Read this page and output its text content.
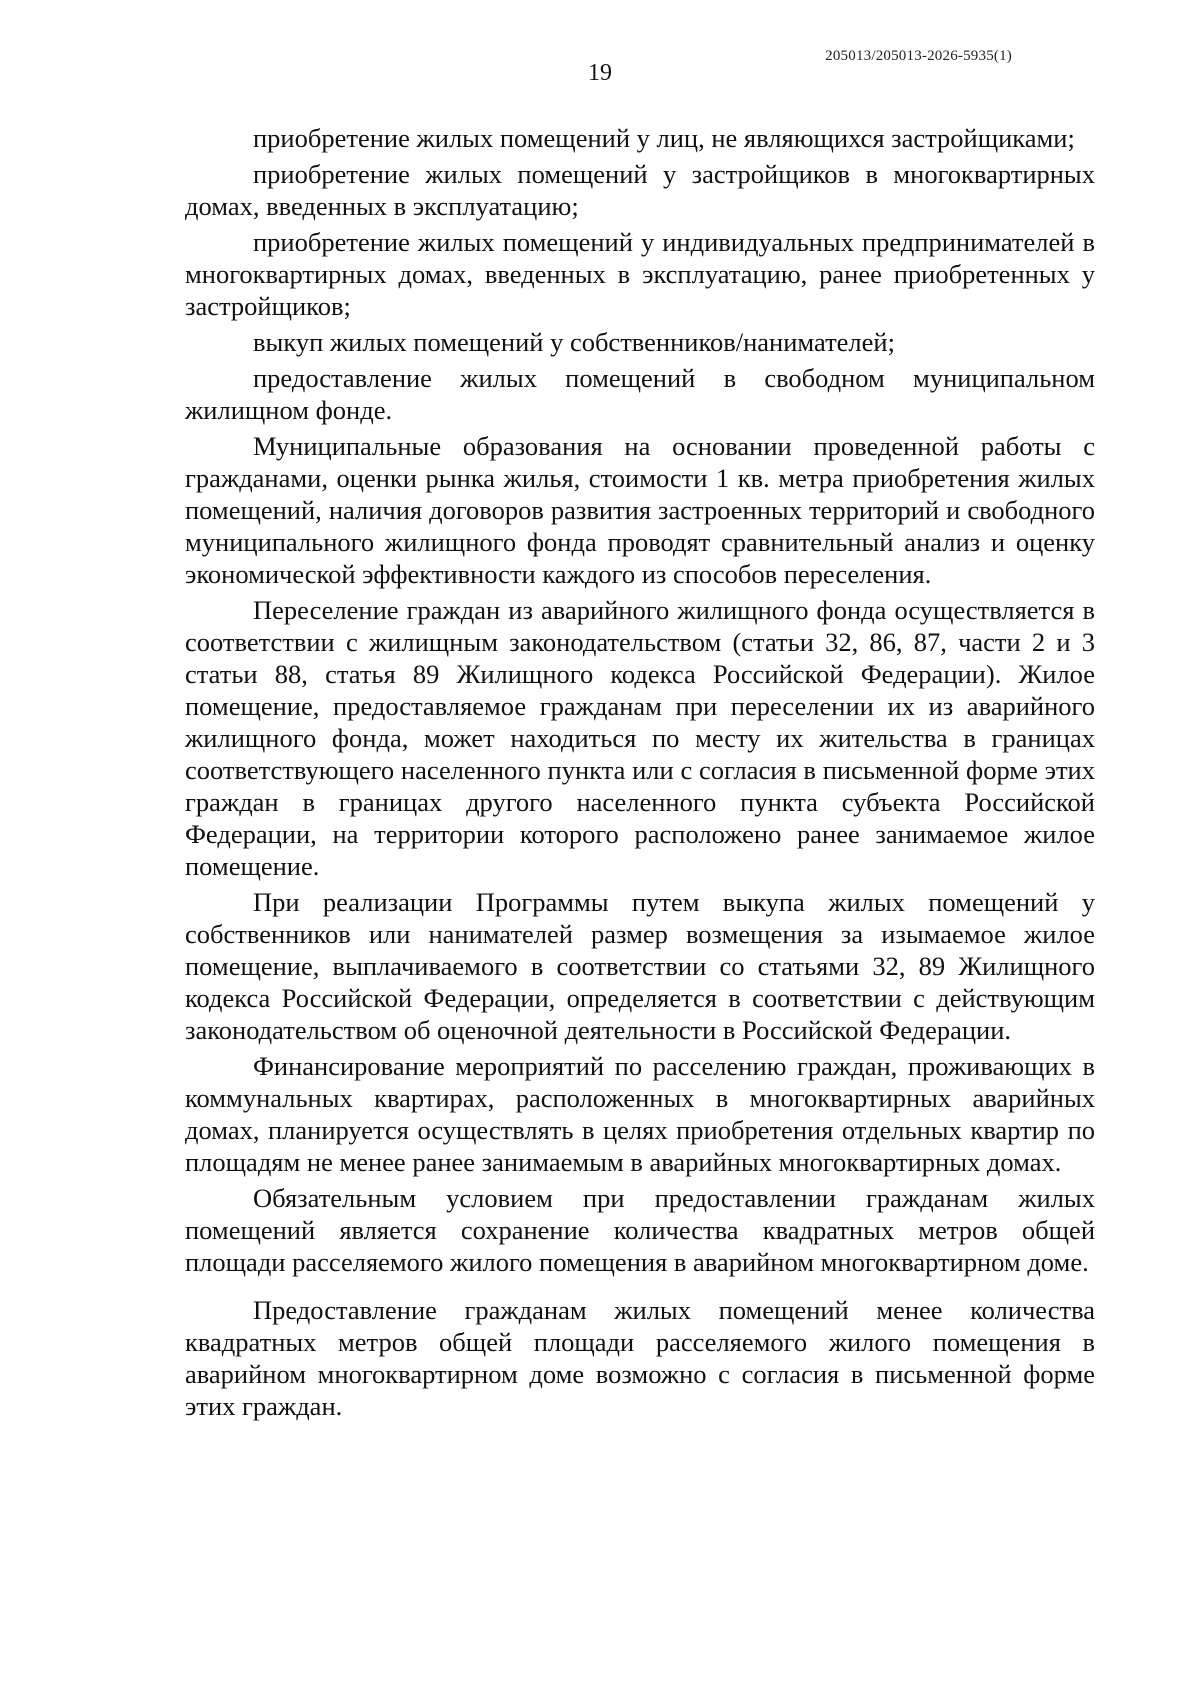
205013/205013-2026-5935(1)
19

приобретение жилых помещений у лиц, не являющихся застройщиками;

приобретение жилых помещений у застройщиков в многоквартирных домах, введенных в эксплуатацию;

приобретение жилых помещений у индивидуальных предпринимателей в многоквартирных домах, введенных в эксплуатацию, ранее приобретенных у застройщиков;

выкуп жилых помещений у собственников/нанимателей;

предоставление жилых помещений в свободном муниципальном жилищном фонде.

Муниципальные образования на основании проведенной работы с гражданами, оценки рынка жилья, стоимости 1 кв. метра приобретения жилых помещений, наличия договоров развития застроенных территорий и свободного муниципального жилищного фонда проводят сравнительный анализ и оценку экономической эффективности каждого из способов переселения.

Переселение граждан из аварийного жилищного фонда осуществляется в соответствии с жилищным законодательством (статьи 32, 86, 87, части 2 и 3 статьи 88, статья 89 Жилищного кодекса Российской Федерации). Жилое помещение, предоставляемое гражданам при переселении их из аварийного жилищного фонда, может находиться по месту их жительства в границах соответствующего населенного пункта или с согласия в письменной форме этих граждан в границах другого населенного пункта субъекта Российской Федерации, на территории которого расположено ранее занимаемое жилое помещение.

При реализации Программы путем выкупа жилых помещений у собственников или нанимателей размер возмещения за изымаемое жилое помещение, выплачиваемого в соответствии со статьями 32, 89 Жилищного кодекса Российской Федерации, определяется в соответствии с действующим законодательством об оценочной деятельности в Российской Федерации.

Финансирование мероприятий по расселению граждан, проживающих в коммунальных квартирах, расположенных в многоквартирных аварийных домах, планируется осуществлять в целях приобретения отдельных квартир по площадям не менее ранее занимаемым в аварийных многоквартирных домах.

Обязательным условием при предоставлении гражданам жилых помещений является сохранение количества квадратных метров общей площади расселяемого жилого помещения в аварийном многоквартирном доме.

Предоставление гражданам жилых помещений менее количества квадратных метров общей площади расселяемого жилого помещения в аварийном многоквартирном доме возможно с согласия в письменной форме этих граждан.
